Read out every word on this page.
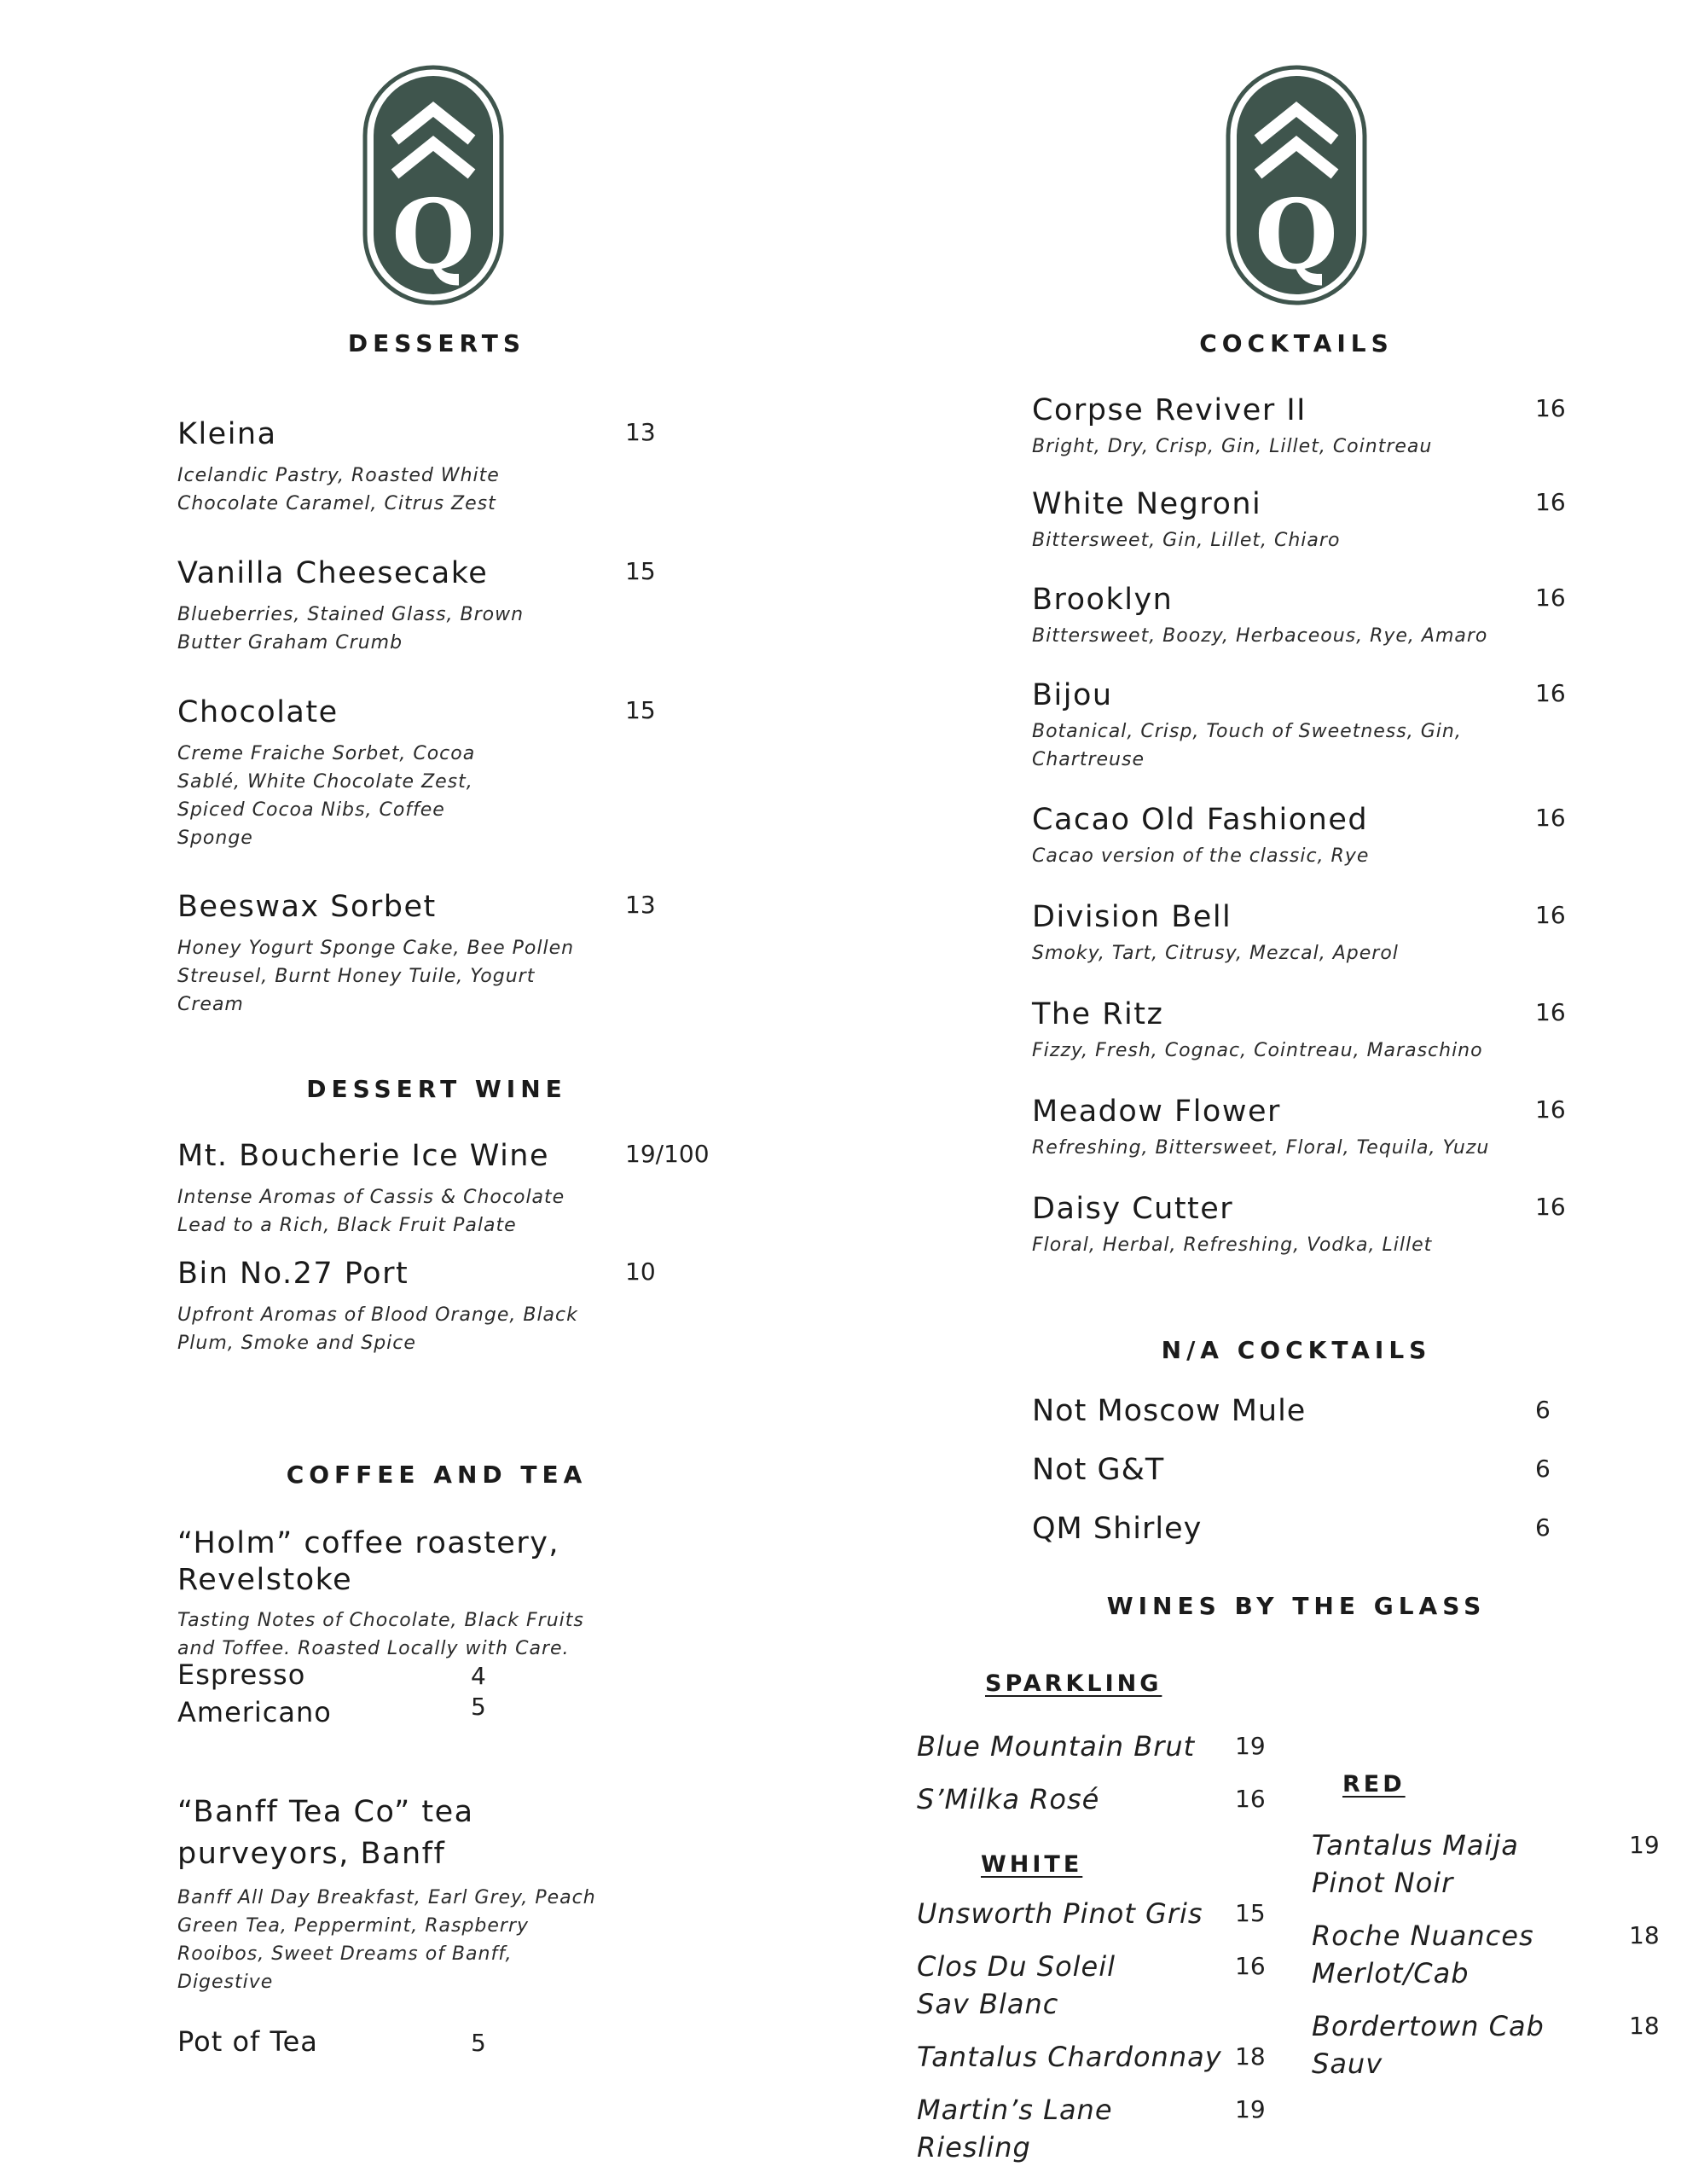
Q	Q
DESSERTS
Kleina
Icelandic Pastry, Roasted White Chocolate Caramel, Citrus Zest
13
Vanilla Cheesecake
Blueberries, Stained Glass, Brown Butter Graham Crumb
15
Chocolate
Creme Fraiche Sorbet, Cocoa Sablé, White Chocolate Zest, Spiced Cocoa Nibs, Coffee Sponge
15
Beeswax Sorbet
Honey Yogurt Sponge Cake, Bee Pollen Streusel, Burnt Honey Tuile, Yogurt Cream
13
DESSERT WINE
Mt. Boucherie Ice Wine
Intense Aromas of Cassis & Chocolate Lead to a Rich, Black Fruit Palate
19/100
Bin No.27 Port
Upfront Aromas of Blood Orange, Black Plum, Smoke and Spice
10
COFFEE AND TEA
“Holm” coffee roastery, Revelstoke
Tasting Notes of Chocolate, Black Fruits and Toffee. Roasted Locally with Care.
Espresso	4
Americano	5
“Banff Tea Co” tea purveyors, Banff
Banff All Day Breakfast, Earl Grey, Peach Green Tea, Peppermint, Raspberry Rooibos, Sweet Dreams of Banff, Digestive
Pot of Tea	5
COCKTAILS
Corpse Reviver II
Bright, Dry, Crisp, Gin, Lillet, Cointreau
16
White Negroni
Bittersweet, Gin, Lillet, Chiaro
16
Brooklyn
Bittersweet, Boozy, Herbaceous, Rye, Amaro
16
Bijou
Botanical, Crisp, Touch of Sweetness, Gin, Chartreuse
16
Cacao Old Fashioned
Cacao version of the classic, Rye
16
Division Bell
Smoky, Tart, Citrusy, Mezcal, Aperol
16
The Ritz
Fizzy, Fresh, Cognac, Cointreau, Maraschino
16
Meadow Flower
Refreshing, Bittersweet, Floral, Tequila, Yuzu
16
Daisy Cutter
Floral, Herbal, Refreshing, Vodka, Lillet
16
N/A COCKTAILS
Not Moscow Mule	6
Not G&T	6
QM Shirley	6
WINES BY THE GLASS
SPARKLING
Blue Mountain Brut	19
S’Milka Rosé	16
WHITE
Unsworth Pinot Gris	15
Clos Du Soleil Sav Blanc
16
Tantalus Chardonnay 18
Martin’s Lane Riesling
19
RED
Tantalus Maija Pinot Noir
19
Roche Nuances Merlot/Cab
18
Bordertown Cab Sauv
18
